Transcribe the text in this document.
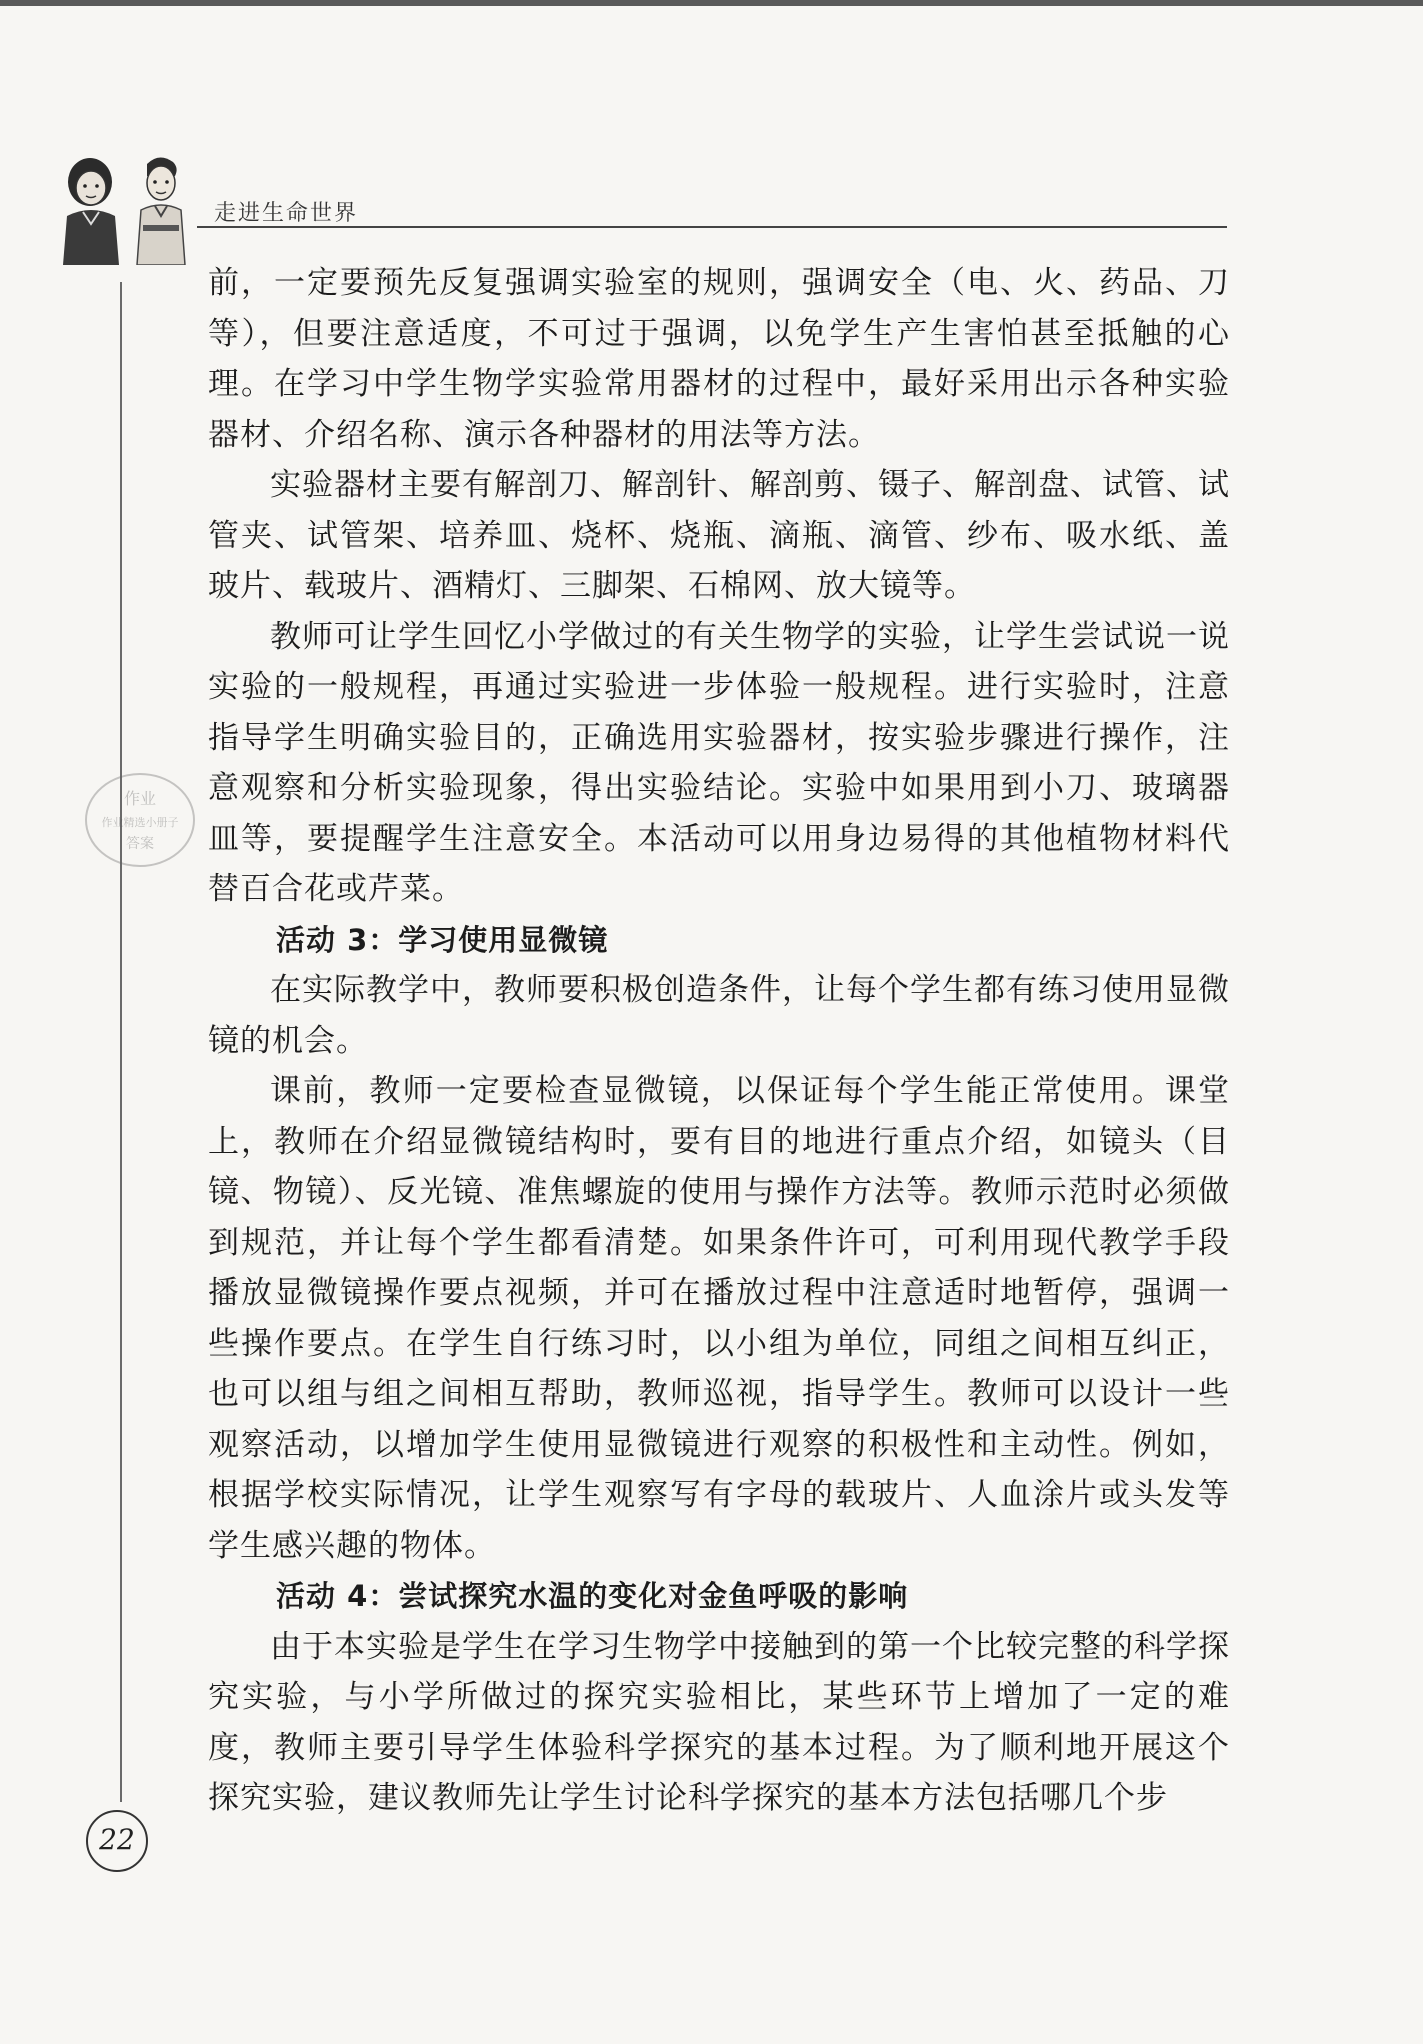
走进生命世界
作业
作业精选小册子
答案

前，一定要预先反复强调实验室的规则，强调安全（电、火、药品、刀等），但要注意适度，不可过于强调，以免学生产生害怕甚至抵触的心理。在学习中学生物学实验常用器材的过程中，最好采用出示各种实验器材、介绍名称、演示各种器材的用法等方法。

实验器材主要有解剖刀、解剖针、解剖剪、镊子、解剖盘、试管、试管夹、试管架、培养皿、烧杯、烧瓶、滴瓶、滴管、纱布、吸水纸、盖玻片、载玻片、酒精灯、三脚架、石棉网、放大镜等。

教师可让学生回忆小学做过的有关生物学的实验，让学生尝试说一说实验的一般规程，再通过实验进一步体验一般规程。进行实验时，注意指导学生明确实验目的，正确选用实验器材，按实验步骤进行操作，注意观察和分析实验现象，得出实验结论。实验中如果用到小刀、玻璃器皿等，要提醒学生注意安全。本活动可以用身边易得的其他植物材料代替百合花或芹菜。

活动 3：学习使用显微镜

在实际教学中，教师要积极创造条件，让每个学生都有练习使用显微镜的机会。

课前，教师一定要检查显微镜，以保证每个学生能正常使用。课堂上，教师在介绍显微镜结构时，要有目的地进行重点介绍，如镜头（目镜、物镜）、反光镜、准焦螺旋的使用与操作方法等。教师示范时必须做到规范，并让每个学生都看清楚。如果条件许可，可利用现代教学手段播放显微镜操作要点视频，并可在播放过程中注意适时地暂停，强调一些操作要点。在学生自行练习时，以小组为单位，同组之间相互纠正，也可以组与组之间相互帮助，教师巡视，指导学生。教师可以设计一些观察活动，以增加学生使用显微镜进行观察的积极性和主动性。例如，根据学校实际情况，让学生观察写有字母的载玻片、人血涂片或头发等学生感兴趣的物体。

活动 4：尝试探究水温的变化对金鱼呼吸的影响

由于本实验是学生在学习生物学中接触到的第一个比较完整的科学探究实验，与小学所做过的探究实验相比，某些环节上增加了一定的难度，教师主要引导学生体验科学探究的基本过程。为了顺利地开展这个探究实验，建议教师先让学生讨论科学探究的基本方法包括哪几个步

22
